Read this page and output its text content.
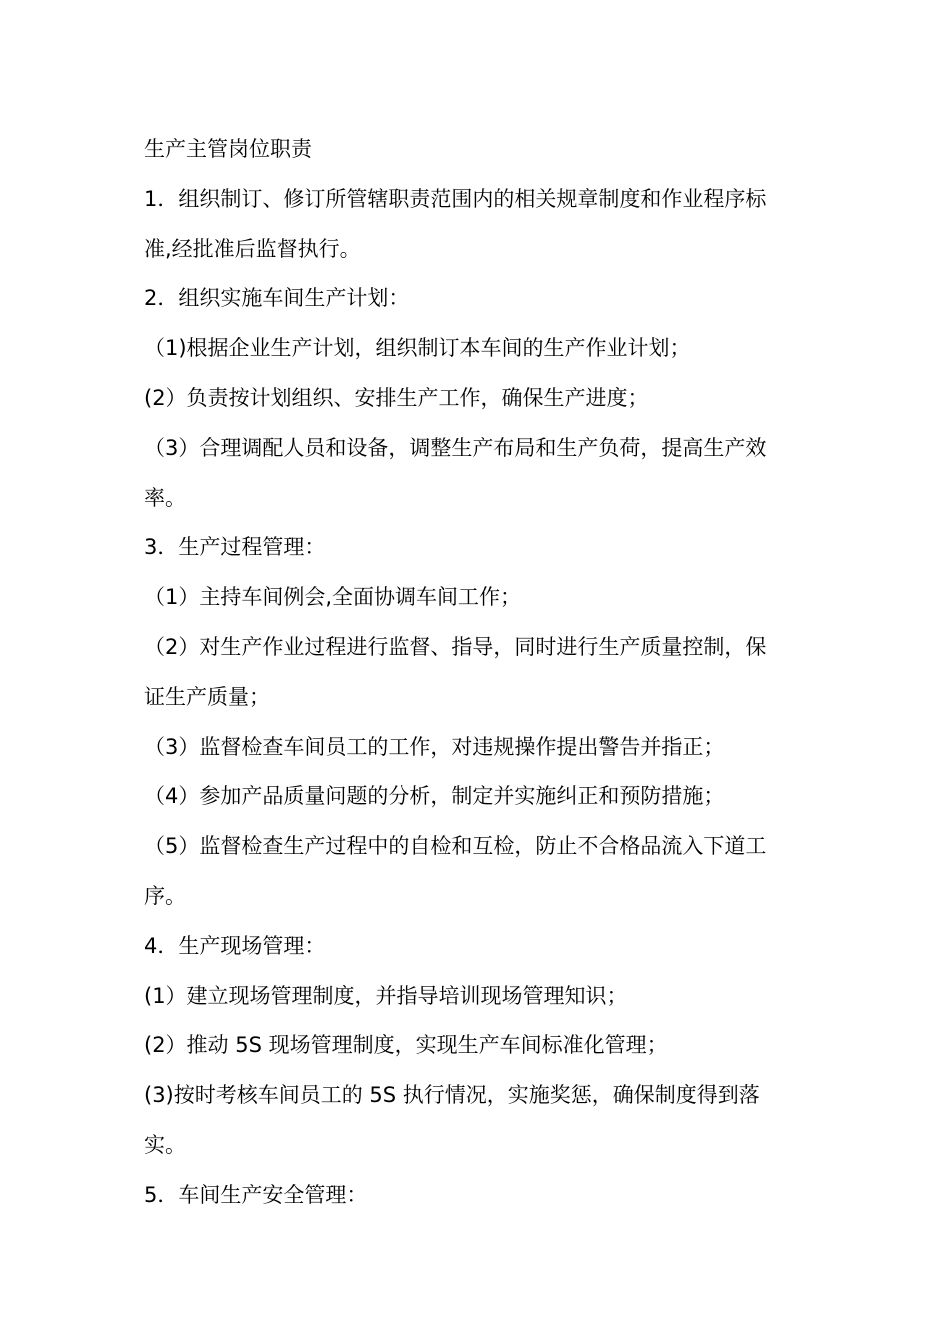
生产主管岗位职责
1．组织制订、修订所管辖职责范围内的相关规章制度和作业程序标
准,经批准后监督执行。
2．组织实施车间生产计划：
（1)根据企业生产计划，组织制订本车间的生产作业计划；
(2）负责按计划组织、安排生产工作，确保生产进度；
（3）合理调配人员和设备，调整生产布局和生产负荷，提高生产效
率。
3．生产过程管理：
（1）主持车间例会,全面协调车间工作；
（2）对生产作业过程进行监督、指导，同时进行生产质量控制，保
证生产质量；
（3）监督检查车间员工的工作，对违规操作提出警告并指正；
（4）参加产品质量问题的分析，制定并实施纠正和预防措施；
（5）监督检查生产过程中的自检和互检，防止不合格品流入下道工
序。
4．生产现场管理：
(1）建立现场管理制度，并指导培训现场管理知识；
(2）推动 5S 现场管理制度，实现生产车间标准化管理；
(3)按时考核车间员工的 5S 执行情况，实施奖惩，确保制度得到落
实。
5．车间生产安全管理：
